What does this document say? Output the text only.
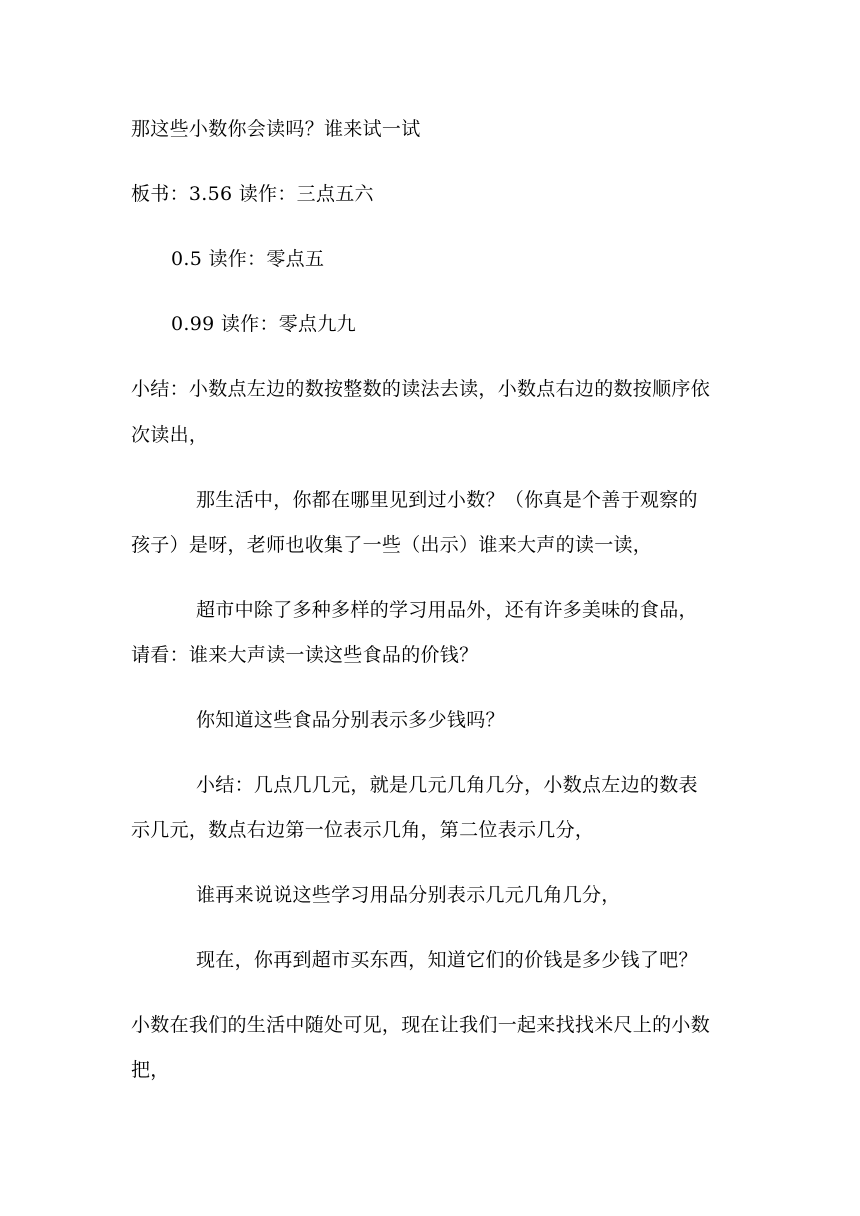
那这些小数你会读吗？谁来试一试
板书：3.56 读作：三点五六
0.5 读作：零点五
0.99 读作：零点九九
小结：小数点左边的数按整数的读法去读，小数点右边的数按顺序依
次读出，
那生活中，你都在哪里见到过小数？（你真是个善于观察的
孩子）是呀，老师也收集了一些（出示）谁来大声的读一读，
超市中除了多种多样的学习用品外，还有许多美味的食品，
请看：谁来大声读一读这些食品的价钱？
你知道这些食品分别表示多少钱吗？
小结：几点几几元，就是几元几角几分，小数点左边的数表
示几元，数点右边第一位表示几角，第二位表示几分，
谁再来说说这些学习用品分别表示几元几角几分，
现在，你再到超市买东西，知道它们的价钱是多少钱了吧？
小数在我们的生活中随处可见，现在让我们一起来找找米尺上的小数
把，
